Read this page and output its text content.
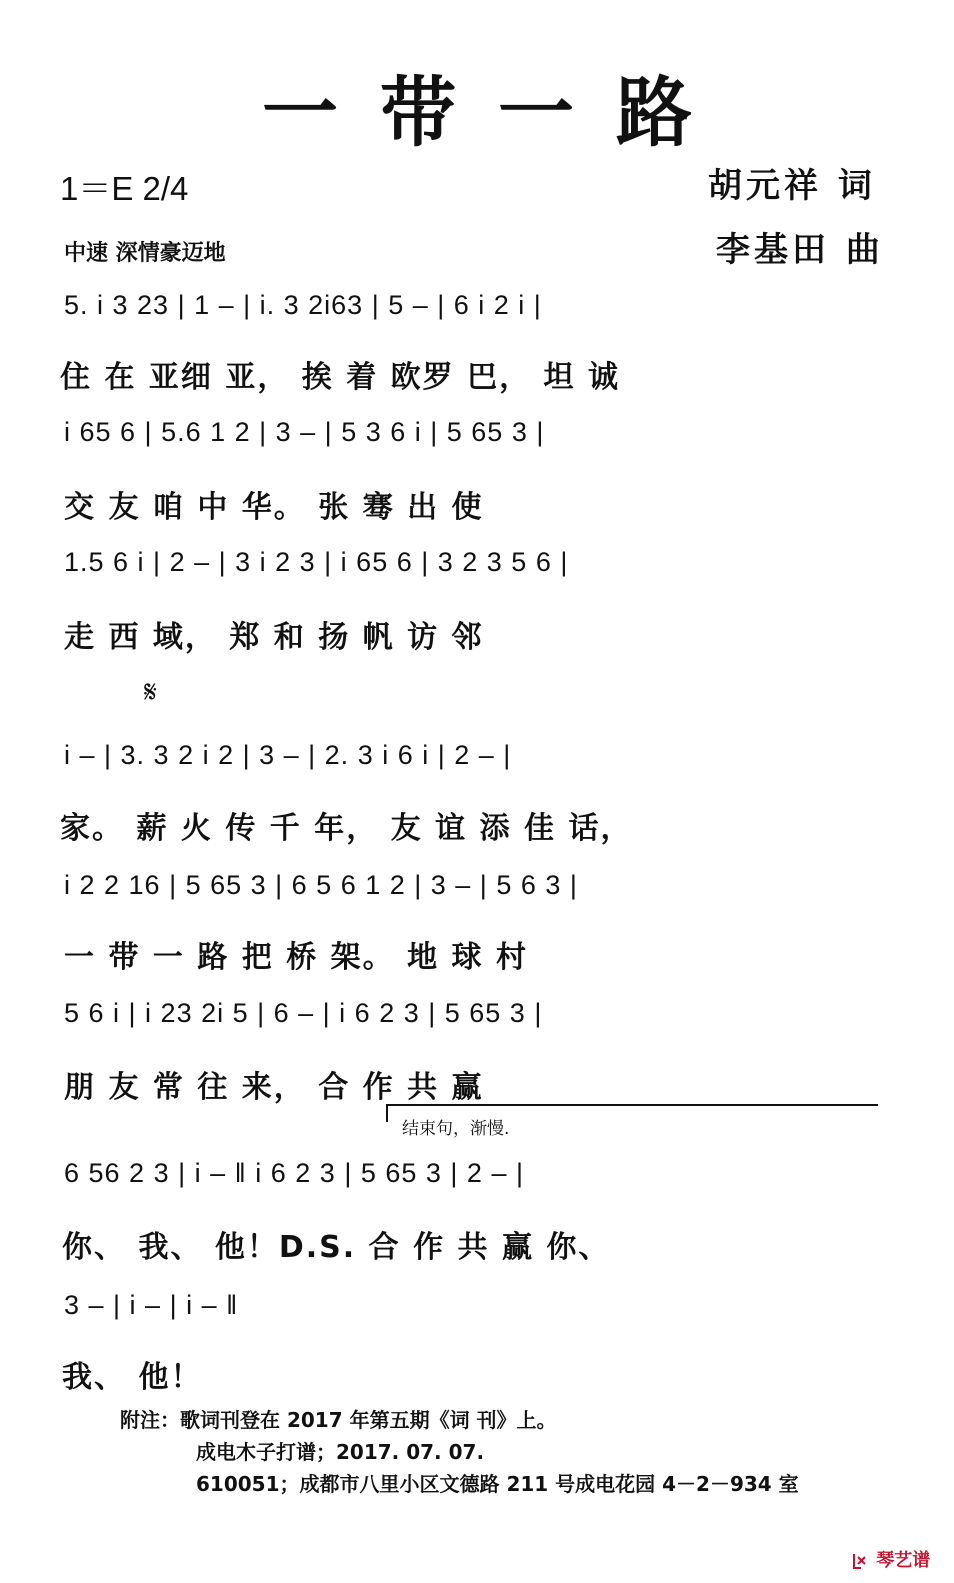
一带一路
1＝E 2/4
中速 深情豪迈地
胡元祥 词
李基田 曲
5. i 3 23 | 1 – | i. 3 2i63 | 5 – | 6 i 2 i |
住 在 亚细 亚， 挨 着 欧罗 巴， 坦 诚
i 65 6 | 5.6 1 2 | 3 – | 5 3 6 i | 5 65 3 |
交 友 咱 中 华。 张 骞 出 使
1.5 6 i | 2 – | 3 i 2 3 | i 65 6 | 3 2 3 5 6 |
走 西 域， 郑 和 扬 帆 访 邻
𝄋
i – | 3. 3 2 i 2 | 3 – | 2. 3 i 6 i | 2 – |
家。 薪 火 传 千 年， 友 谊 添 佳 话，
i 2 2 16 | 5 65 3 | 6 5 6 1 2 | 3 – | 5 6 3 |
一 带 一 路 把 桥 架。 地 球 村
5 6 i | i 23 2i 5 | 6 – | i 6 2 3 | 5 65 3 |
朋 友 常 往 来， 合 作 共 赢
结束句，渐慢.
6 56 2 3 | i – ‖ i 6 2 3 | 5 65 3 | 2 – |
你、 我、 他！D.S. 合 作 共 赢 你、
3 – | i – | i – ‖
我、 他！
附注：歌词刊登在 2017 年第五期《词 刊》上。
成电木子打谱；2017. 07. 07.
610051；成都市八里小区文德路 211 号成电花园 4－2－934 室
琴艺谱
